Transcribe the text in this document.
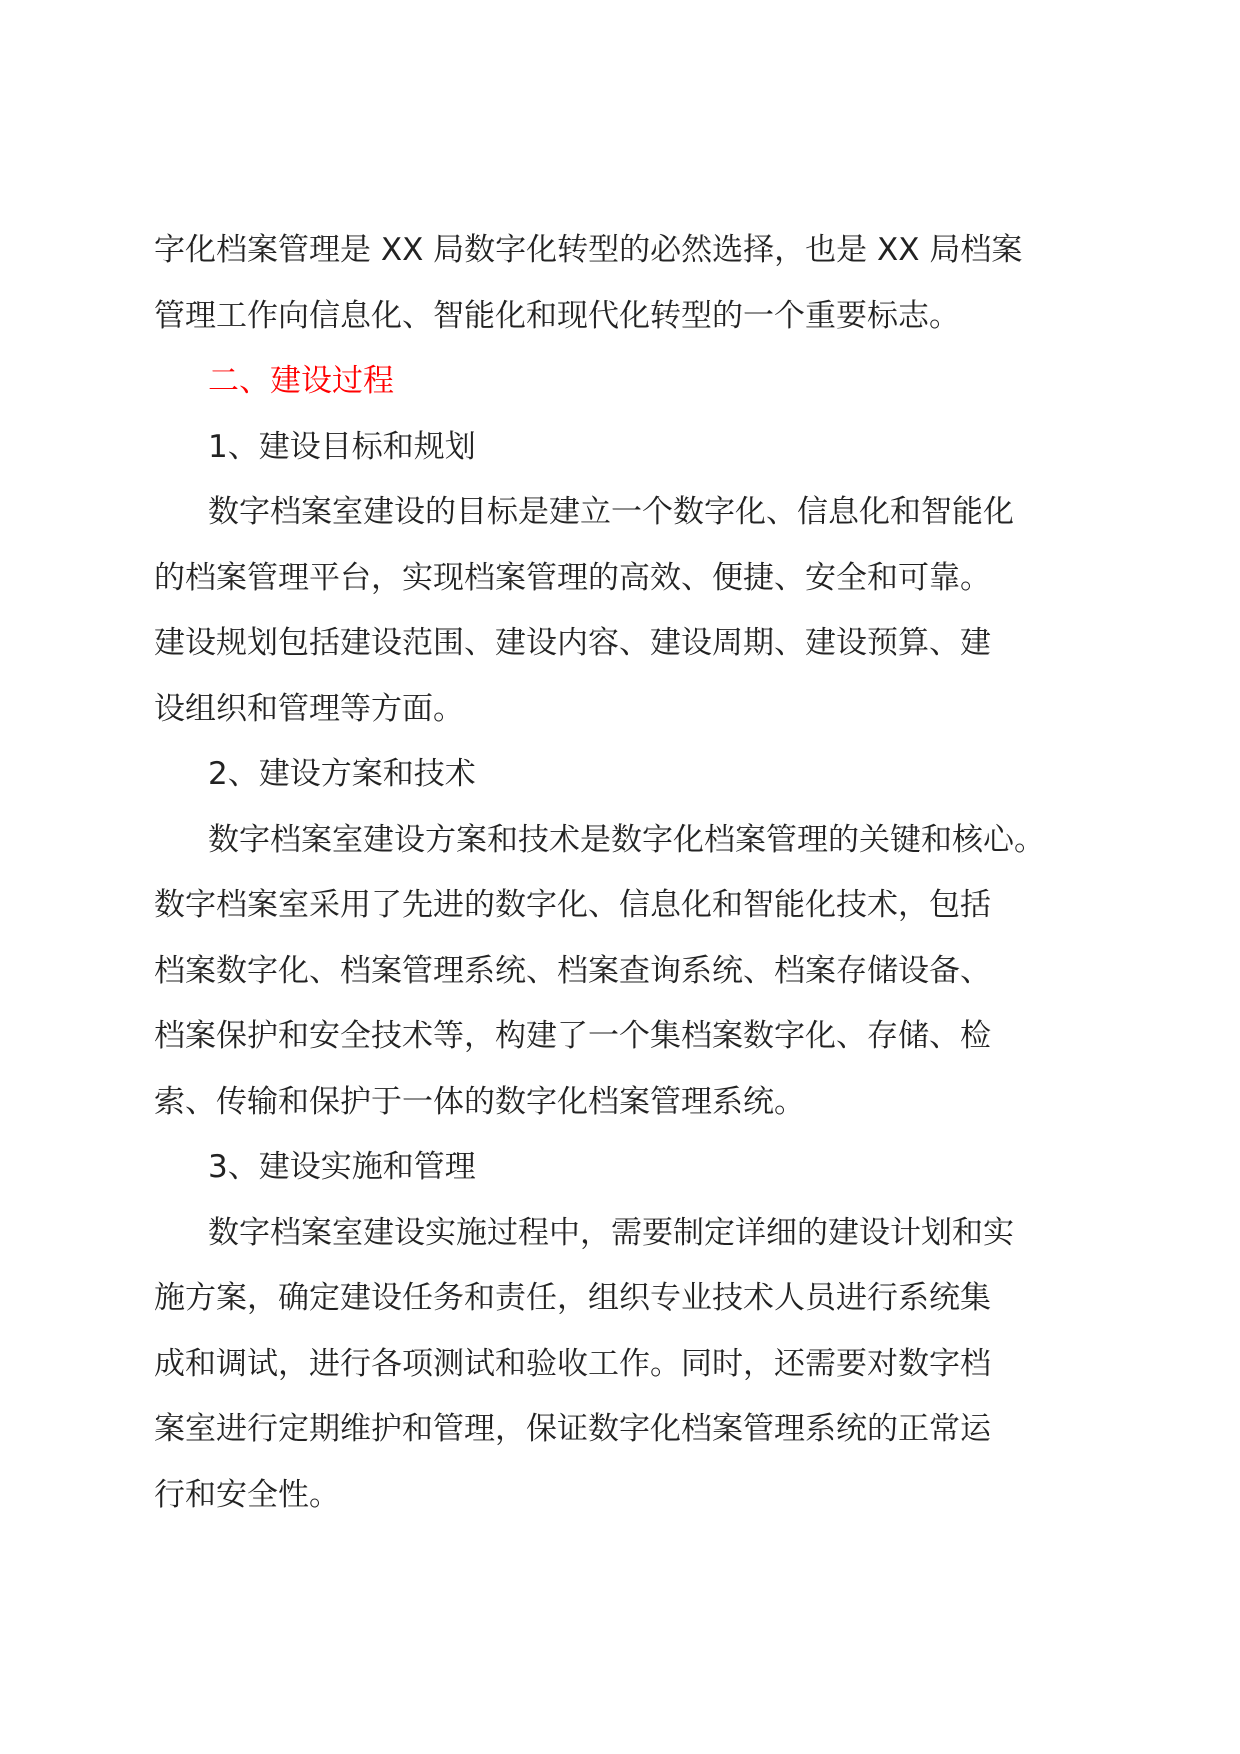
字化档案管理是 XX 局数字化转型的必然选择，也是 XX 局档案
管理工作向信息化、智能化和现代化转型的一个重要标志。
二、建设过程
1、建设目标和规划
数字档案室建设的目标是建立一个数字化、信息化和智能化
的档案管理平台，实现档案管理的高效、便捷、安全和可靠。
建设规划包括建设范围、建设内容、建设周期、建设预算、建
设组织和管理等方面。
2、建设方案和技术
数字档案室建设方案和技术是数字化档案管理的关键和核心。
数字档案室采用了先进的数字化、信息化和智能化技术，包括
档案数字化、档案管理系统、档案查询系统、档案存储设备、
档案保护和安全技术等，构建了一个集档案数字化、存储、检
索、传输和保护于一体的数字化档案管理系统。
3、建设实施和管理
数字档案室建设实施过程中，需要制定详细的建设计划和实
施方案，确定建设任务和责任，组织专业技术人员进行系统集
成和调试，进行各项测试和验收工作。同时，还需要对数字档
案室进行定期维护和管理，保证数字化档案管理系统的正常运
行和安全性。
